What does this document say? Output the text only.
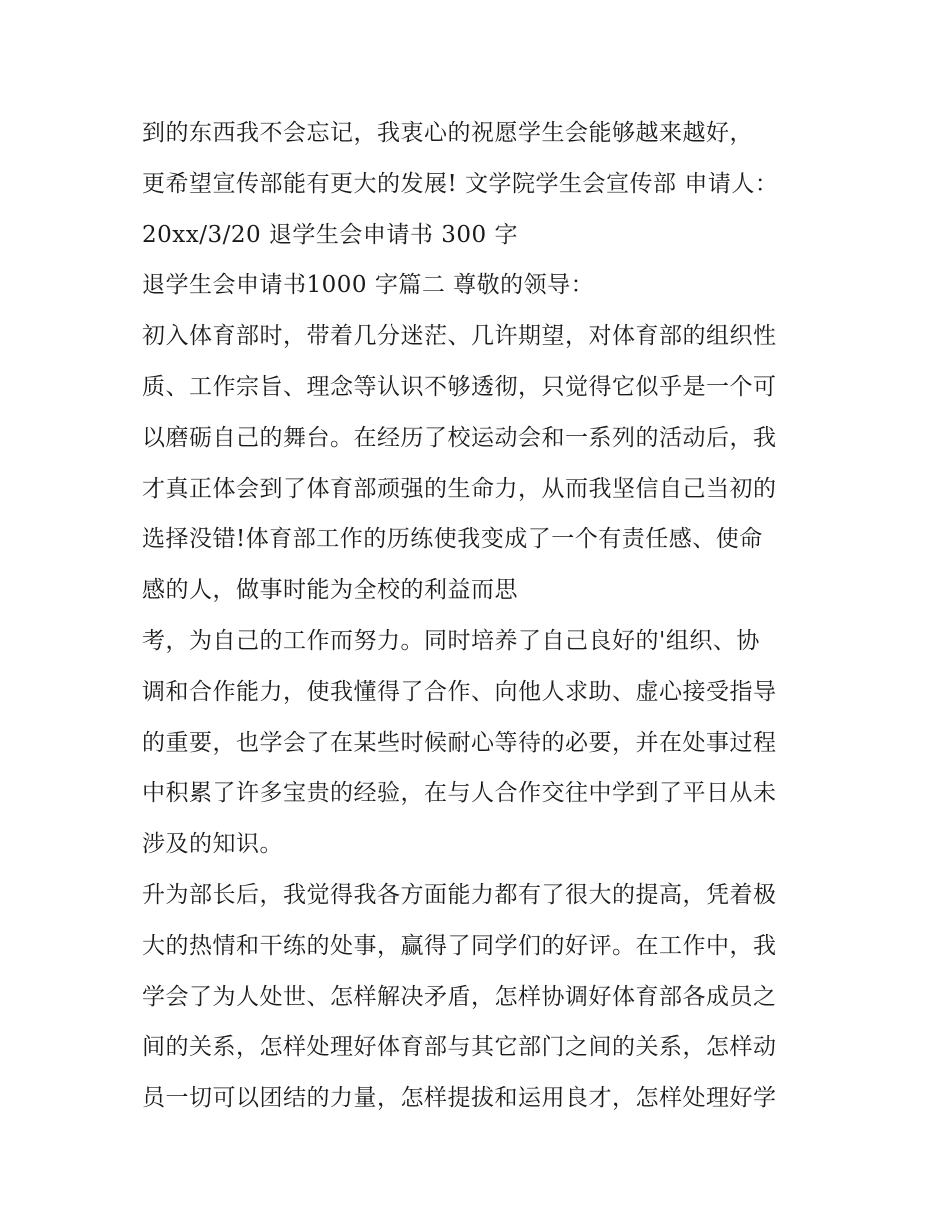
到的东西我不会忘记，我衷心的祝愿学生会能够越来越好，
更希望宣传部能有更大的发展! 文学院学生会宣传部 申请人：
20xx/3/20 退学生会申请书 300 字
退学生会申请书1000 字篇二 尊敬的领导：
初入体育部时，带着几分迷茫、几许期望，对体育部的组织性
质、工作宗旨、理念等认识不够透彻，只觉得它似乎是一个可
以磨砺自己的舞台。在经历了校运动会和一系列的活动后，我
才真正体会到了体育部顽强的生命力，从而我坚信自己当初的
选择没错!体育部工作的历练使我变成了一个有责任感、使命
感的人，做事时能为全校的利益而思
考，为自己的工作而努力。同时培养了自己良好的'组织、协
调和合作能力，使我懂得了合作、向他人求助、虚心接受指导
的重要，也学会了在某些时候耐心等待的必要，并在处事过程
中积累了许多宝贵的经验，在与人合作交往中学到了平日从未
涉及的知识。
升为部长后，我觉得我各方面能力都有了很大的提高，凭着极
大的热情和干练的处事，赢得了同学们的好评。在工作中，我
学会了为人处世、怎样解决矛盾，怎样协调好体育部各成员之
间的关系，怎样处理好体育部与其它部门之间的关系，怎样动
员一切可以团结的力量，怎样提拔和运用良才，怎样处理好学
